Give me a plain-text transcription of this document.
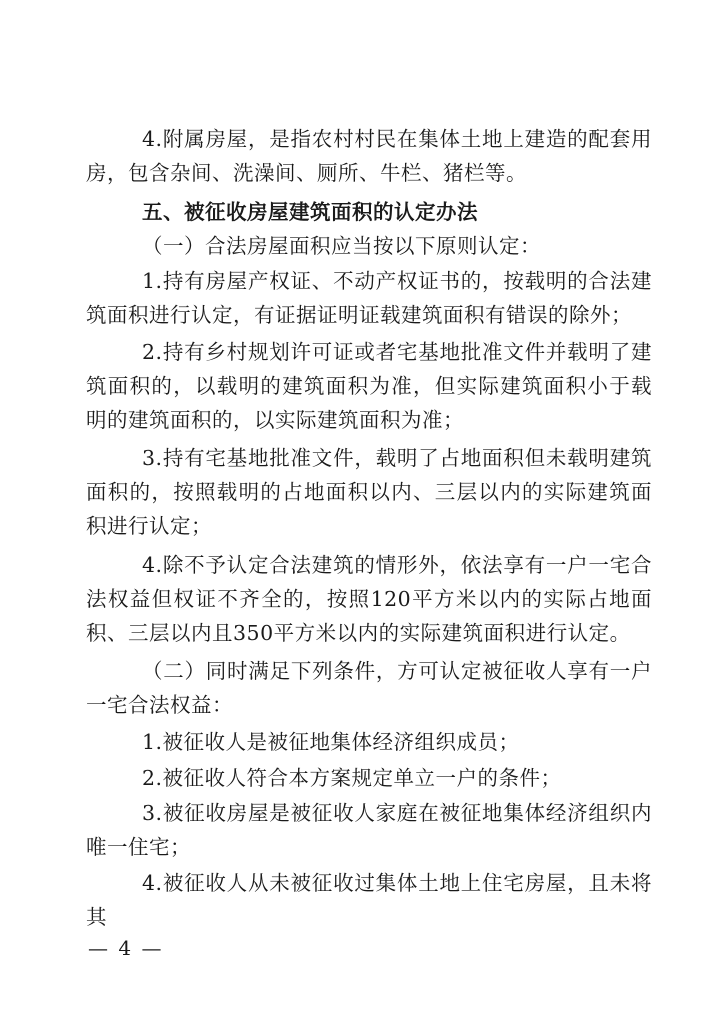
4.附属房屋，是指农村村民在集体土地上建造的配套用房，包含杂间、洗澡间、厕所、牛栏、猪栏等。

五、被征收房屋建筑面积的认定办法

（一）合法房屋面积应当按以下原则认定：

1.持有房屋产权证、不动产权证书的，按载明的合法建筑面积进行认定，有证据证明证载建筑面积有错误的除外；

2.持有乡村规划许可证或者宅基地批准文件并载明了建筑面积的，以载明的建筑面积为准，但实际建筑面积小于载明的建筑面积的，以实际建筑面积为准；

3.持有宅基地批准文件，载明了占地面积但未载明建筑面积的，按照载明的占地面积以内、三层以内的实际建筑面积进行认定；

4.除不予认定合法建筑的情形外，依法享有一户一宅合法权益但权证不齐全的，按照120平方米以内的实际占地面积、三层以内且350平方米以内的实际建筑面积进行认定。

（二）同时满足下列条件，方可认定被征收人享有一户一宅合法权益：

1.被征收人是被征地集体经济组织成员；

2.被征收人符合本方案规定单立一户的条件；

3.被征收房屋是被征收人家庭在被征地集体经济组织内唯一住宅；

4.被征收人从未被征收过集体土地上住宅房屋，且未将其

— 4 —
